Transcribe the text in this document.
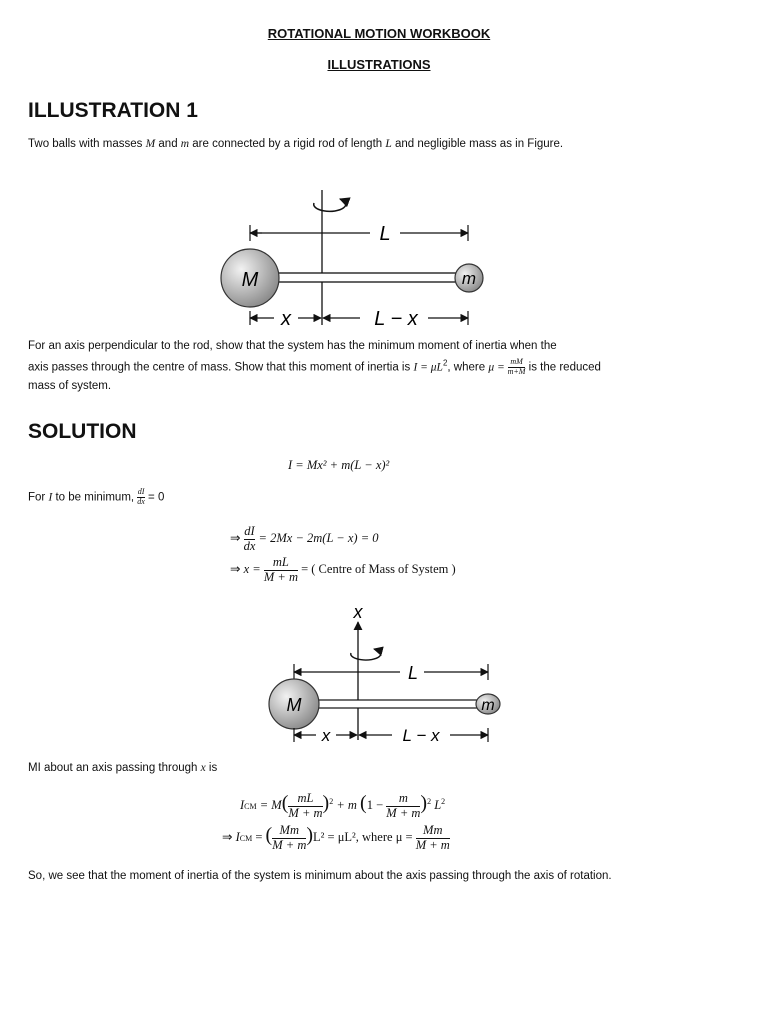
ROTATIONAL MOTION WORKBOOK
ILLUSTRATIONS
ILLUSTRATION 1
Two balls with masses M and m are connected by a rigid rod of length L and negligible mass as in Figure.
L
M	m
x	L − x
For an axis perpendicular to the rod, show that the system has the minimum moment of inertia when the
axis passes through the centre of mass. Show that this moment of inertia is $I = \mu L^2$, where $\mu = \frac{mM}{m+M}$ is the reduced
mass of system.
SOLUTION
I = Mx² + m(L − x)²
For I to be minimum, $\frac{dI}{dx} = 0$
⇒ $\frac{dI}{dx} = 2Mx - 2m(L - x) = 0$
⇒ $x = \frac{mL}{M + m}$ = ( Centre of Mass of System )
x
L
M	m
x	L − x
MI about an axis passing through x is
ICM = $M( \frac{mL}{M + m} )^2 + m$ $(1 - \frac{m}{M + m} )^2$ $L^2$
⇒ ICM = ( $\frac{Mm}{M + m} )L^2 = \mu L^2$, where $\mu = \frac{Mm}{M + m}$
So, we see that the moment of inertia of the system is minimum about the axis passing through the axis of rotation.
